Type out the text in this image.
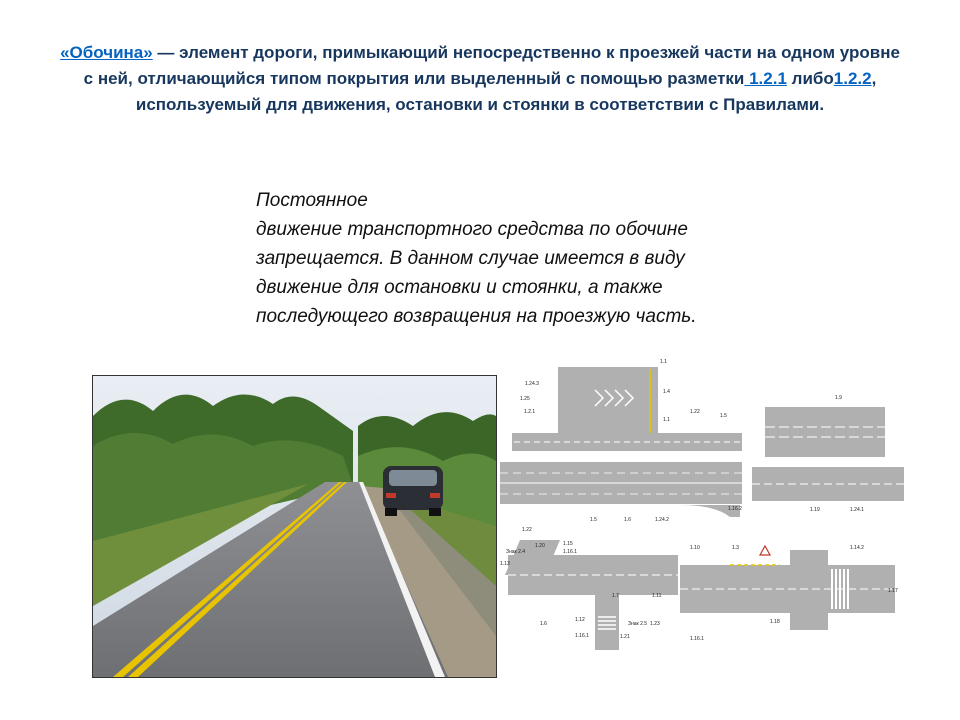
«Обочина» — элемент дороги, примыкающий непосредственно к проезжей части на одном уровне с ней, отличающийся типом покрытия или выделенный с помощью разметки 1.2.1 либо1.2.2, используемый для движения, остановки и стоянки в соответствии с Правилами.
Постоянное
движение транспортного средства по обочине запрещается. В данном случае имеется в виду движение для остановки и стоянки, а также последующего возвращения на проезжую часть.
1.1
1.24.3
1.4
1.25
1.2.1
1.1
1.22
1.5
1.16.2
1.5	1.6	1.24.2
1.9
1.19	1.24.1
1.22
1.20
Знак 2.4
1.13
1.16.1
1.15
1.7	1.11
1.6
1.12
1.16.1
Знак 2.5
1.21
1.23
1.10	1.3	1.14.2
1.17
1.18
1.16.1
